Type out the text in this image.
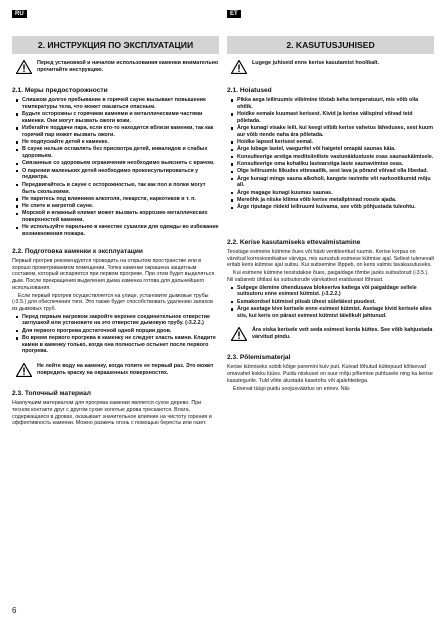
RU	ET
2. ИНСТРУКЦИЯ ПО ЭКСПЛУАТАЦИИ
Перед установкой и началом использования каменки внимательно прочитайте инструкцию.
2.1. Меры предосторожности
Слишком долгое пребывание в горячей сауне вызывает повышение температуры тела, что может оказаться опасным.
Будьте осторожны с горячими камнями и металлическими частями каменки. Они могут вызвать ожоги кожи.
Избегайте поддачи пара, если кто-то находится вблизи каменки, так как горячий пар может вызвать ожоги.
Не подпускайте детей к каменке.
В сауне нельзя оставлять без присмотра детей, инвалидов и слабых здоровьем.
Связанные со здоровьем ограничения необходимо выяснить с врачом.
О парении маленьких детей необходимо проконсультироваться у педиатра.
Передвигайтесь в сауне с осторожностью, так как пол и полки могут быть скользкими.
Не паритесь под влиянием алкоголя, лекарств, наркотиков и т. п.
Не спите в нагретой сауне.
Морской и влажный климат может вызвать коррозию металлических поверхностей каменки.
Не используйте парильню в качестве сушилки для одежды во избежание возникновения пожара.
2.2. Подготовка каменки к эксплуатации

Первый прогрев рекомендуется проводить на открытом пространстве или в хорошо проветриваемом помещении. Топка каменки окрашена защитным составом, который испаряется при первом прогреве. При этом будет выделяться дым. После прекращения выделения дыма каменка готова для дальнейшего использования.

Если первый прогрев осуществляется на улице, установите дымовые трубы (›3.5.) для обеспечения тяги. Это также будет способствовать удалению запахов из дымовых труб.

Перед первым нагревом закройте верхнее соединительное отверстие заглушкой или установите на это отверстие дымовую трубу. (›3.2.2.)
Для первого прогрева достаточной одной порции дров.
Во время первого прогрева в каменку не следует класть камни. Кладите камни в каменку только, когда она полностью остынет после первого прогрева.
Не лейте воду на каменку, когда топите ее первый раз. Это может повредить краску на окрашенных поверхностях.
2.3. Топочный материал

Наилучшим материалом для прогрева каменки является сухое дерево. При тесном контакте друг с другом сухие колотые дрова трескаются. Влага, содержащаяся в дровах, оказывает значительное влияние на чистоту горения и эффективность каменки. Можно разжечь огонь с помощью бересты или газет.

2. KASUTUSJUHISED
Lugege juhiseid enne kerise kasutamist hoolikalt.
2.1. Hoiatused
Pikka aega leiliruumis viibimine tõstab keha temperatuuri, mis võib olla ohtlik.
Hoidke eemale kuumast kerisest. Kivid ja kerise välispind võivad teid põletada.
Ärge kunagi visake leili, kui keegi viibib kerise vahetus läheduses, sest kuum aur võib nende naha ära põletada.
Hoidke lapsed kerisest eemal.
Ärge lubage lastel, vaeguritel või haigetel omapäi saunas käia.
Konsulteerige arstiga meditsiiniliste vastunäidustuste osas saunaskäimisele.
Konsulteerige oma kohaliku lastearstiga laste saunaviimise osas.
Olge leiliruumis liikudes ettevaatlik, sest lava ja põrand võivad olla libedad.
Ärge kunagi minge sauna alkoholi, kangete ravimite või narkootikumid mõju all.
Ärge magage kunagi kuumas saunas.
Mereõhk ja niiske kliima võib kerise metallpinnad rooste ajada.
Ärge riputage riideid leiliruumi kuivama, see võib põhjustada tuleohtu.
2.2. Kerise kasutamiseks ettevalmistamine

Teostage esimene kütmine õues või hästi ventileeritud ruumis. Kerise korpus on värvitud korrosioonikaitse värviga, mis aurustub esimese kütmise ajal. Sellest tulenevalt eritab keris kütmise ajal suitsu. Kui suitsemine lõppeb, on keris valmis tavakasutuseks.

Kui esimene kütmine teostatakse õues, paigaldage tõmbe jaoks suitsutorud (›3.5.). Nii vabaneb ühtlasi ka suitsutorude värvkattest eralduvast lõhnast.

Sulgege ülemine ühendusava blokeeriva kattega või paigaldage sellele suitsutoru enne esimest kütmist. (›3.2.2.)
Esmakordsel kütmisel piisab ühest sületäiest puudest.
Ärge asetage kive kerisele enne esimest kütmist. Asetage kivid kerisele alles siis, kui keris on pärast esimest kütmist täielikult jahtunud.
Ära viska kerisele vett seda esimest korda küttes. See võib kahjustada värvitud pindu.
2.3. Põlemismaterjal

Kerise kütmiseks sobib kõige paremini kuiv puit. Kuivad lõhutud küttepuud kõlisevad omavahel kokku lüües. Puidu niiskusel on suur mõju põlemise puhtusele ning ka kerise kasutegurile. Tuld võite alustada kasetohu või ajalehtedega.

Erinevat tüüpi puidu soojusväärtus on erinev. Näi-

6
